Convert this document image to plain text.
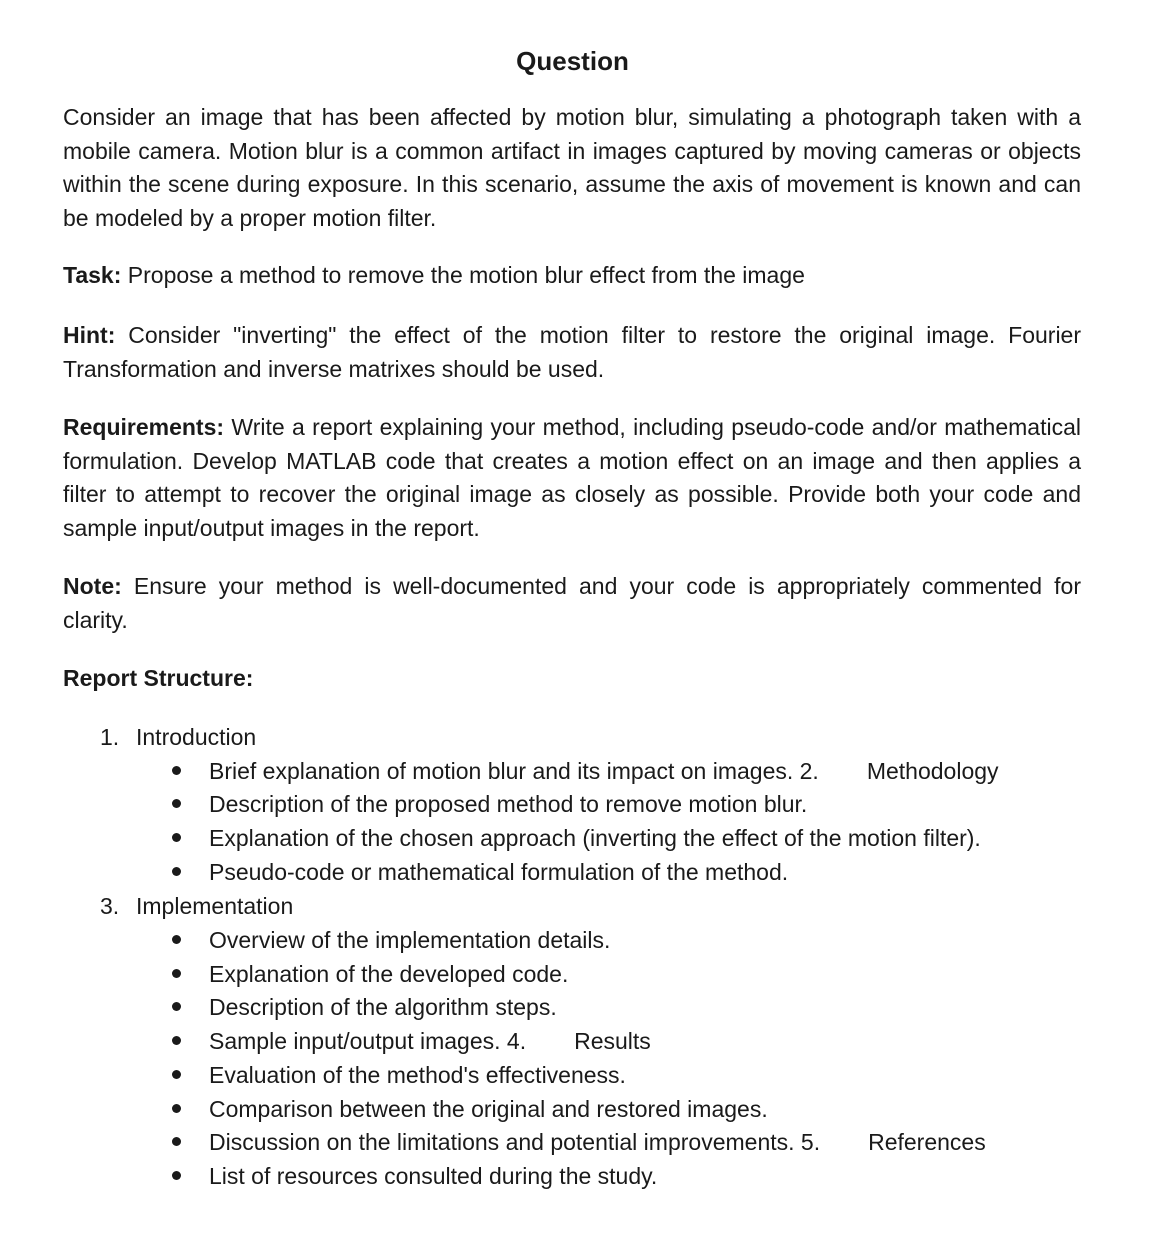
Question

Consider an image that has been affected by motion blur, simulating a photograph taken with a mobile camera. Motion blur is a common artifact in images captured by moving cameras or objects within the scene during exposure. In this scenario, assume the axis of movement is known and can be modeled by a proper motion filter.

Task: Propose a method to remove the motion blur effect from the image

Hint: Consider "inverting" the effect of the motion filter to restore the original image. Fourier Transformation and inverse matrixes should be used.

Requirements: Write a report explaining your method, including pseudo-code and/or mathematical formulation. Develop MATLAB code that creates a motion effect on an image and then applies a filter to attempt to recover the original image as closely as possible. Provide both your code and sample input/output images in the report.

Note: Ensure your method is well-documented and your code is appropriately commented for clarity.

Report Structure:
1. Introduction
Brief explanation of motion blur and its impact on images. 2. Methodology
Description of the proposed method to remove motion blur.
Explanation of the chosen approach (inverting the effect of the motion filter).
Pseudo-code or mathematical formulation of the method.
3. Implementation
Overview of the implementation details.
Explanation of the developed code.
Description of the algorithm steps.
Sample input/output images. 4. Results
Evaluation of the method's effectiveness.
Comparison between the original and restored images.
Discussion on the limitations and potential improvements. 5. References
List of resources consulted during the study.
